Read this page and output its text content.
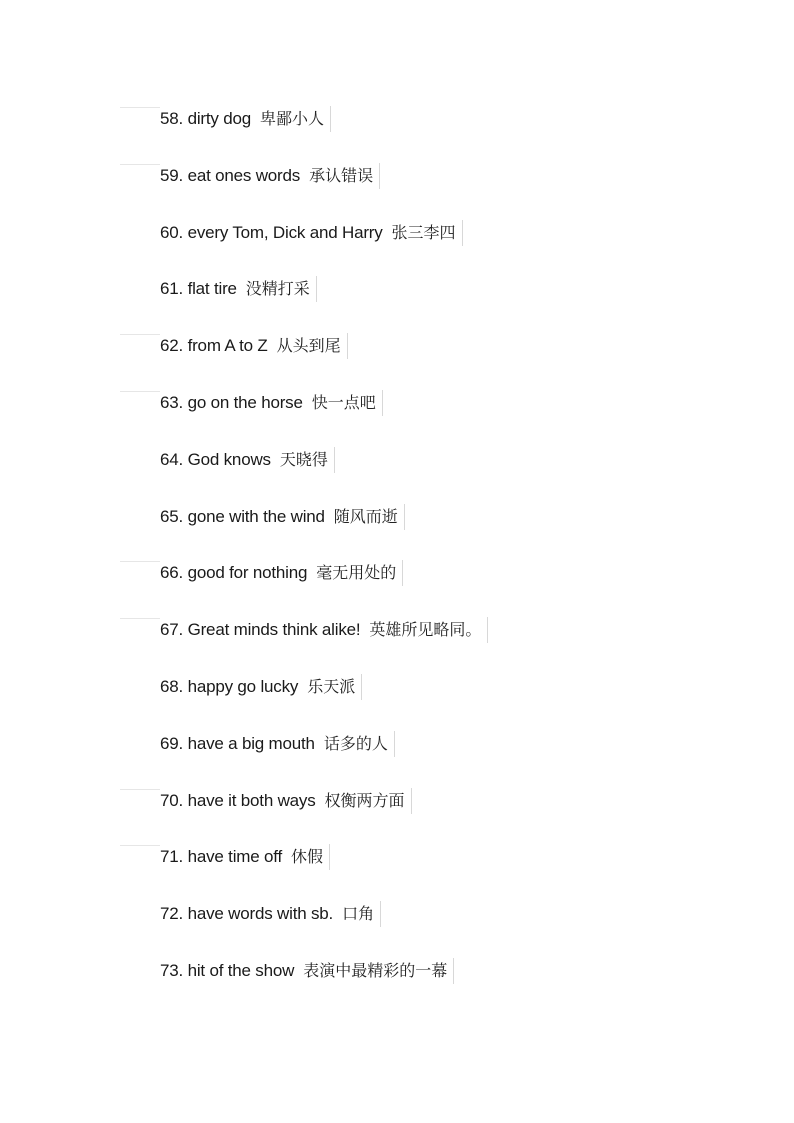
58. dirty dog 卑鄙小人
59. eat ones words 承认错误
60. every Tom, Dick and Harry 张三李四
61. flat tire 没精打采
62. from A to Z 从头到尾
63. go on the horse 快一点吧
64. God knows 天晓得
65. gone with the wind 随风而逝
66. good for nothing 毫无用处的
67. Great minds think alike! 英雄所见略同。
68. happy go lucky 乐天派
69. have a big mouth 话多的人
70. have it both ways 权衡两方面
71. have time off 休假
72. have words with sb. 口角
73. hit of the show 表演中最精彩的一幕
